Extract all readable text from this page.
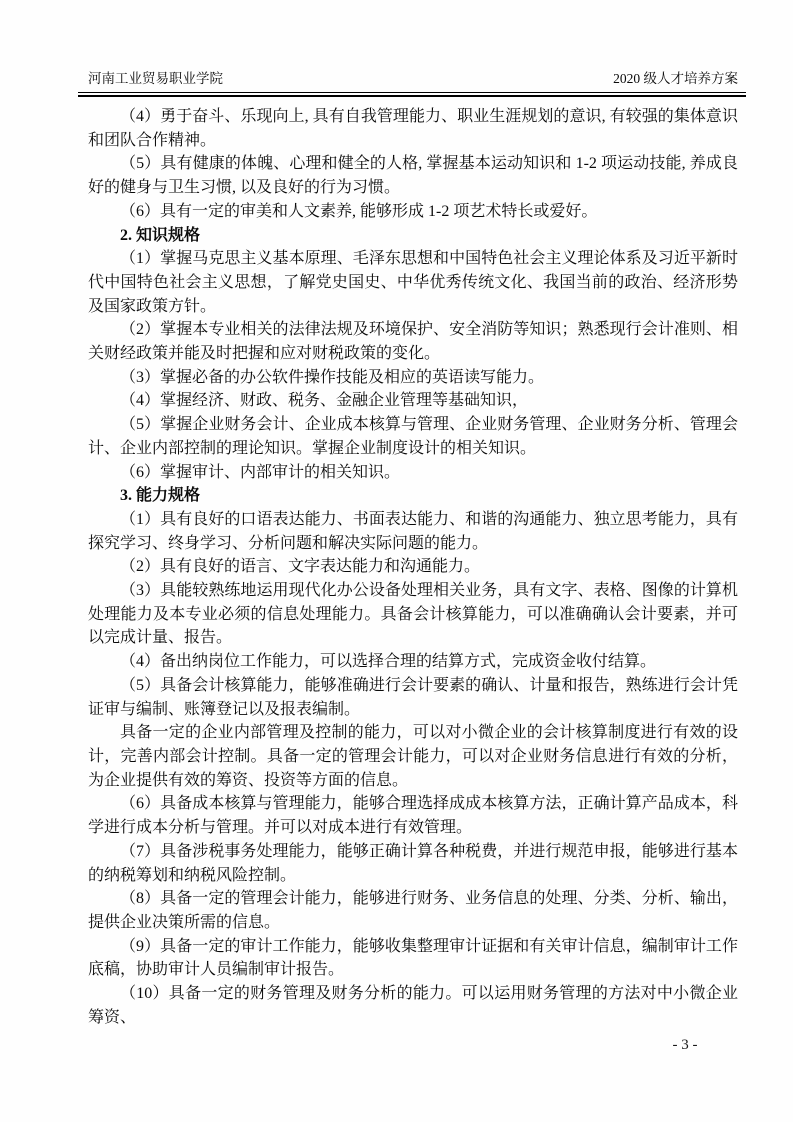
河南工业贸易职业学院	2020 级人才培养方案

（4）勇于奋斗、乐现向上, 具有自我管理能力、职业生涯规划的意识, 有较强的集体意识和团队合作精神。

（5）具有健康的体魄、心理和健全的人格, 掌握基本运动知识和 1-2 项运动技能, 养成良好的健身与卫生习惯, 以及良好的行为习惯。

（6）具有一定的审美和人文素养, 能够形成 1-2 项艺术特长或爱好。

2. 知识规格

（1）掌握马克思主义基本原理、毛泽东思想和中国特色社会主义理论体系及习近平新时代中国特色社会主义思想，了解党史国史、中华优秀传统文化、我国当前的政治、经济形势及国家政策方针。

（2）掌握本专业相关的法律法规及环境保护、安全消防等知识；熟悉现行会计准则、相关财经政策并能及时把握和应对财税政策的变化。

（3）掌握必备的办公软件操作技能及相应的英语读写能力。

（4）掌握经济、财政、税务、金融企业管理等基础知识，

（5）掌握企业财务会计、企业成本核算与管理、企业财务管理、企业财务分析、管理会计、企业内部控制的理论知识。掌握企业制度设计的相关知识。

（6）掌握审计、内部审计的相关知识。

3. 能力规格

（1）具有良好的口语表达能力、书面表达能力、和谐的沟通能力、独立思考能力，具有探究学习、终身学习、分析问题和解决实际问题的能力。

（2）具有良好的语言、文字表达能力和沟通能力。

（3）具能较熟练地运用现代化办公设备处理相关业务，具有文字、表格、图像的计算机处理能力及本专业必须的信息处理能力。具备会计核算能力，可以准确确认会计要素，并可以完成计量、报告。

（4）备出纳岗位工作能力，可以选择合理的结算方式，完成资金收付结算。

（5）具备会计核算能力，能够准确进行会计要素的确认、计量和报告，熟练进行会计凭证审与编制、账簿登记以及报表编制。

具备一定的企业内部管理及控制的能力，可以对小微企业的会计核算制度进行有效的设计，完善内部会计控制。具备一定的管理会计能力，可以对企业财务信息进行有效的分析，为企业提供有效的筹资、投资等方面的信息。

（6）具备成本核算与管理能力，能够合理选择成成本核算方法，正确计算产品成本，科学进行成本分析与管理。并可以对成本进行有效管理。

（7）具备涉税事务处理能力，能够正确计算各种税费，并进行规范申报，能够进行基本的纳税筹划和纳税风险控制。

（8）具备一定的管理会计能力，能够进行财务、业务信息的处理、分类、分析、输出，提供企业决策所需的信息。

（9）具备一定的审计工作能力，能够收集整理审计证据和有关审计信息，编制审计工作底稿，协助审计人员编制审计报告。

（10）具备一定的财务管理及财务分析的能力。可以运用财务管理的方法对中小微企业筹资、

- 3 -
